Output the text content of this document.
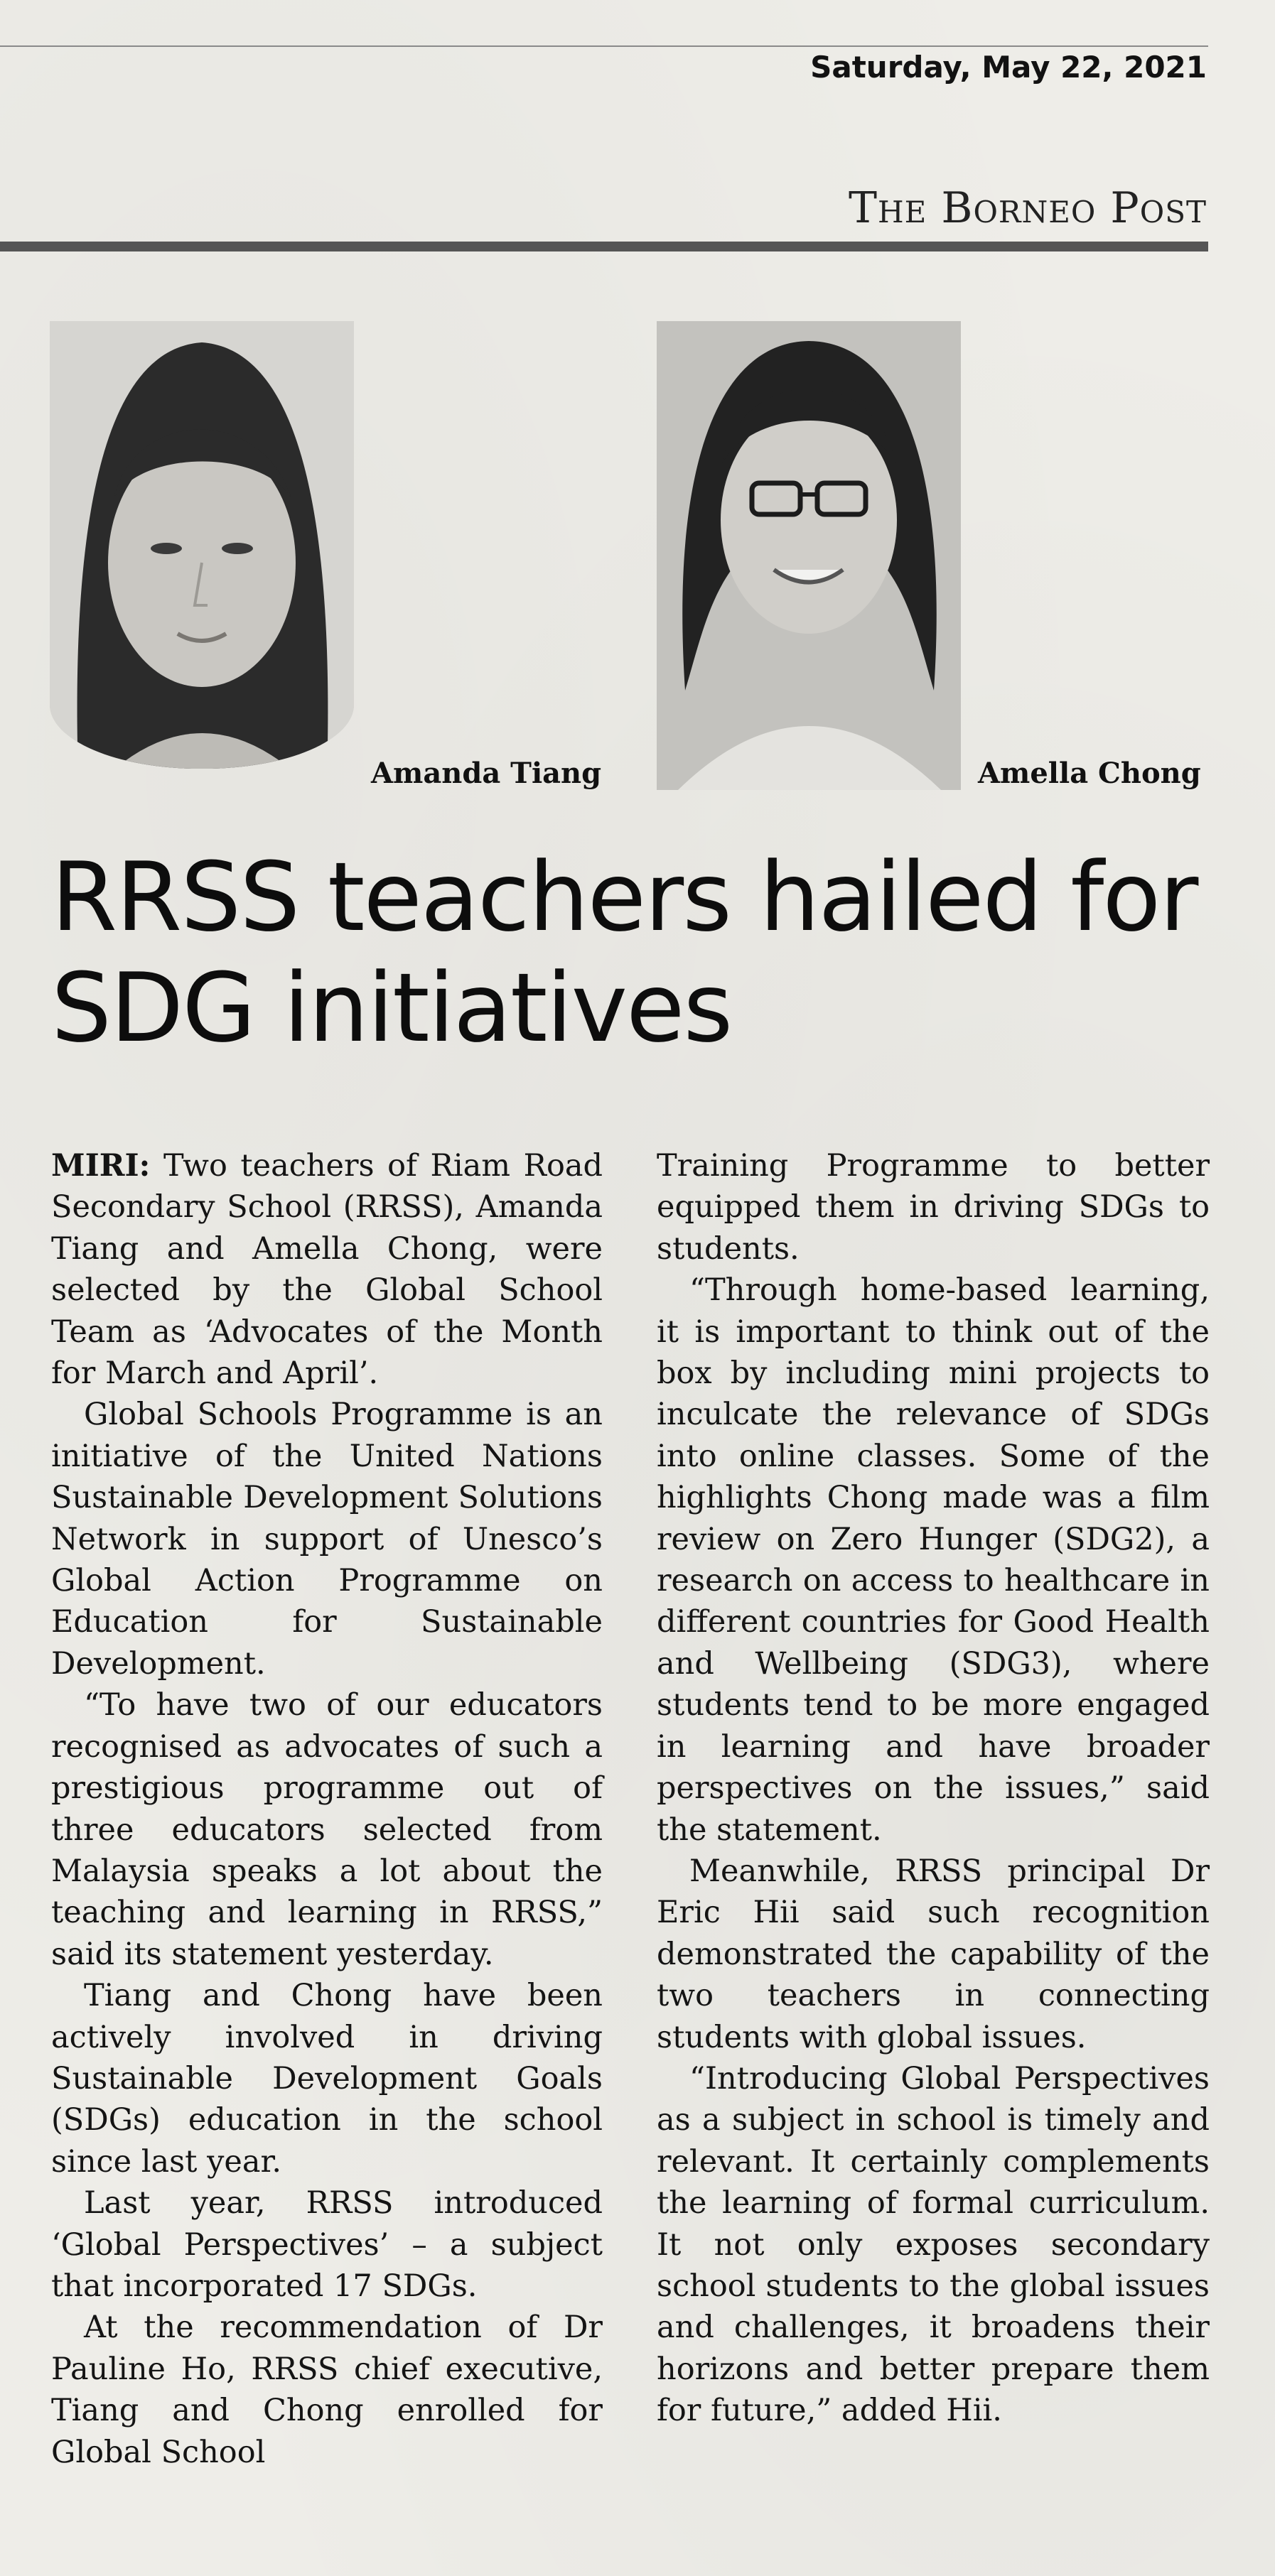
Saturday, May 22, 2021
The Borneo Post
Amanda Tiang	Amella Chong
RRSS teachers hailed for SDG initiatives

MIRI: Two teachers of Riam Road Secondary School (RRSS), Amanda Tiang and Amella Chong, were selected by the Global School Team as ‘Advocates of the Month for March and April’.

Global Schools Programme is an initiative of the United Nations Sustainable Development Solutions Network in support of Unesco’s Global Action Programme on Education for Sustainable Development.

“To have two of our educators recognised as advocates of such a prestigious programme out of three educators selected from Malaysia speaks a lot about the teaching and learning in RRSS,” said its statement yesterday.

Tiang and Chong have been actively involved in driving Sustainable Development Goals (SDGs) education in the school since last year.

Last year, RRSS introduced ‘Global Perspectives’ – a subject that incorporated 17 SDGs.

At the recommendation of Dr Pauline Ho, RRSS chief executive, Tiang and Chong enrolled for Global School

Training Programme to better equipped them in driving SDGs to students.

“Through home-based learning, it is important to think out of the box by including mini projects to inculcate the relevance of SDGs into online classes. Some of the highlights Chong made was a film review on Zero Hunger (SDG2), a research on access to healthcare in different countries for Good Health and Wellbeing (SDG3), where students tend to be more engaged in learning and have broader perspectives on the issues,” said the statement.

Meanwhile, RRSS principal Dr Eric Hii said such recognition demonstrated the capability of the two teachers in connecting students with global issues.

“Introducing Global Perspectives as a subject in school is timely and relevant. It certainly complements the learning of formal curriculum. It not only exposes secondary school students to the global issues and challenges, it broadens their horizons and better prepare them for future,” added Hii.
